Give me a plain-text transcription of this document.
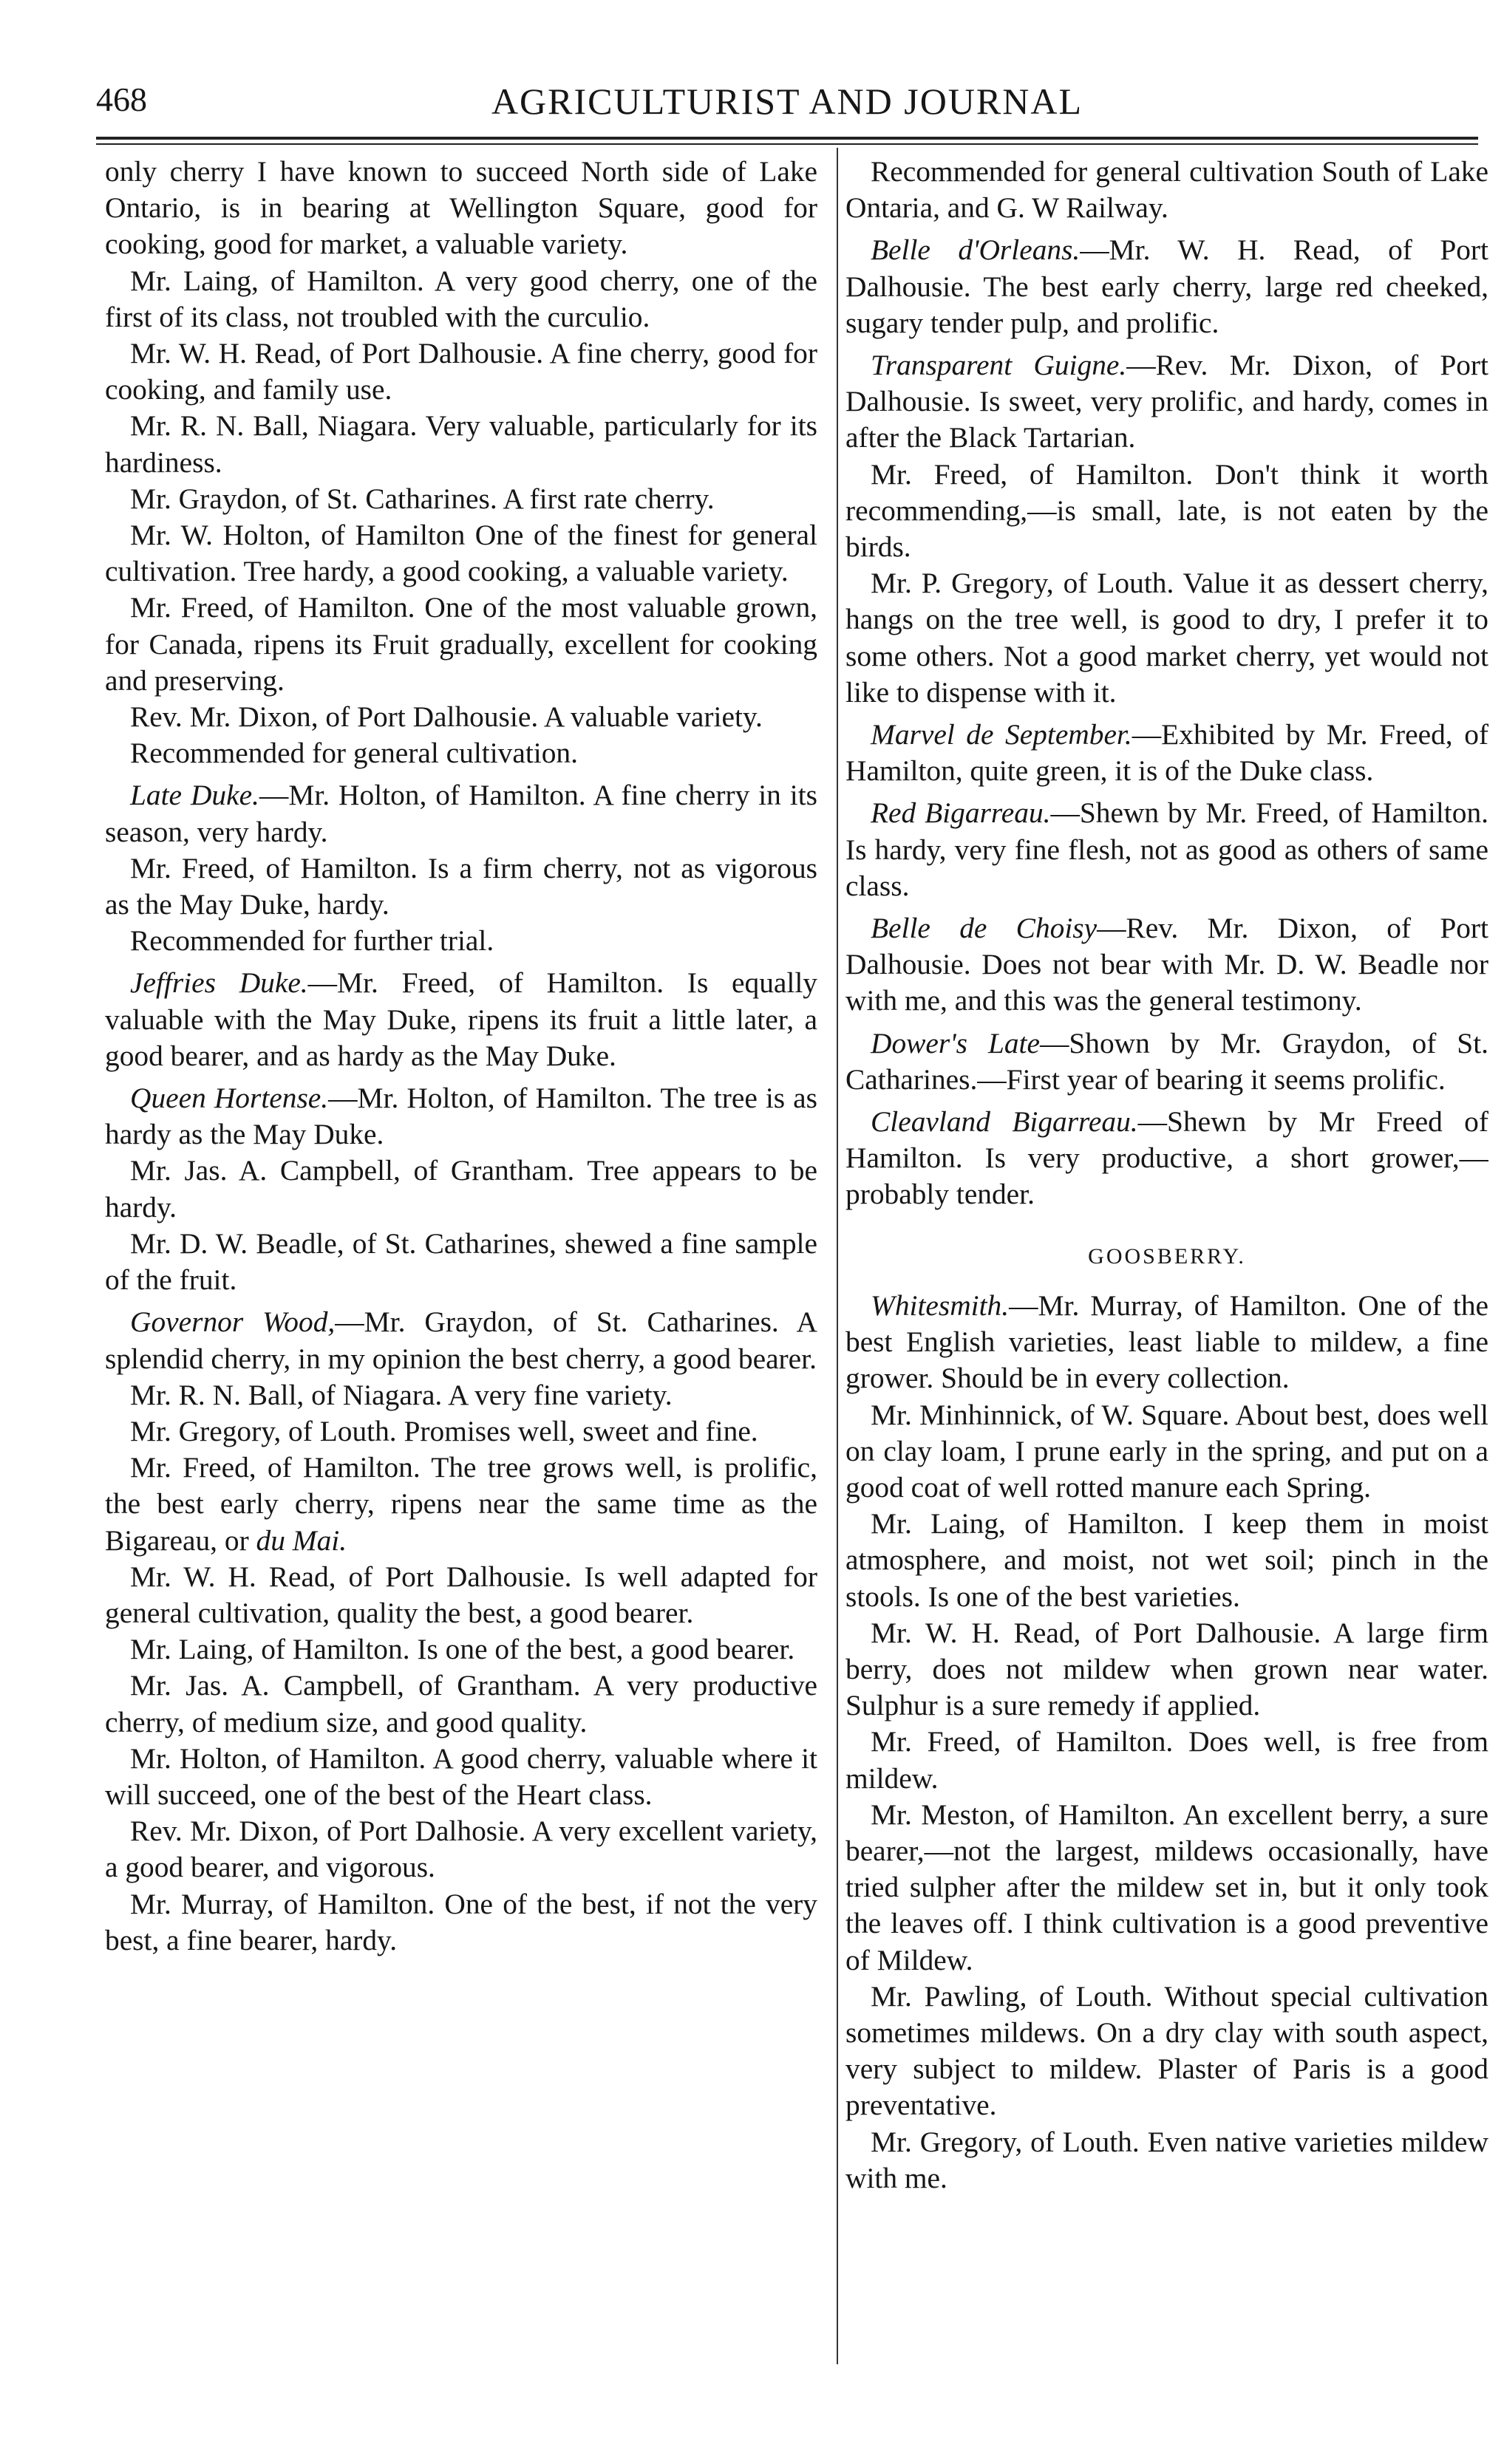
468	AGRICULTURIST AND JOURNAL

only cherry I have known to succeed North side of Lake Ontario, is in bearing at Wellington Square, good for cooking, good for market, a valuable variety.

Mr. Laing, of Hamilton. A very good cherry, one of the first of its class, not troubled with the curculio.

Mr. W. H. Read, of Port Dalhousie. A fine cherry, good for cooking, and family use.

Mr. R. N. Ball, Niagara. Very valuable, particularly for its hardiness.

Mr. Graydon, of St. Catharines. A first rate cherry.

Mr. W. Holton, of Hamilton One of the finest for general cultivation. Tree hardy, a good cooking, a valuable variety.

Mr. Freed, of Hamilton. One of the most valuable grown, for Canada, ripens its Fruit gradually, excellent for cooking and preserving.

Rev. Mr. Dixon, of Port Dalhousie. A valuable variety.

Recommended for general cultivation.

Late Duke.—Mr. Holton, of Hamilton. A fine cherry in its season, very hardy.

Mr. Freed, of Hamilton. Is a firm cherry, not as vigorous as the May Duke, hardy.

Recommended for further trial.

Jeffries Duke.—Mr. Freed, of Hamilton. Is equally valuable with the May Duke, ripens its fruit a little later, a good bearer, and as hardy as the May Duke.

Queen Hortense.—Mr. Holton, of Hamilton. The tree is as hardy as the May Duke.

Mr. Jas. A. Campbell, of Grantham. Tree appears to be hardy.

Mr. D. W. Beadle, of St. Catharines, shewed a fine sample of the fruit.

Governor Wood,—Mr. Graydon, of St. Catharines. A splendid cherry, in my opinion the best cherry, a good bearer.

Mr. R. N. Ball, of Niagara. A very fine variety.

Mr. Gregory, of Louth. Promises well, sweet and fine.

Mr. Freed, of Hamilton. The tree grows well, is prolific, the best early cherry, ripens near the same time as the Bigareau, or du Mai.

Mr. W. H. Read, of Port Dalhousie. Is well adapted for general cultivation, quality the best, a good bearer.

Mr. Laing, of Hamilton. Is one of the best, a good bearer.

Mr. Jas. A. Campbell, of Grantham. A very productive cherry, of medium size, and good quality.

Mr. Holton, of Hamilton. A good cherry, valuable where it will succeed, one of the best of the Heart class.

Rev. Mr. Dixon, of Port Dalhosie. A very excellent variety, a good bearer, and vigorous.

Mr. Murray, of Hamilton. One of the best, if not the very best, a fine bearer, hardy.

Recommended for general cultivation South of Lake Ontaria, and G. W Railway.

Belle d'Orleans.—Mr. W. H. Read, of Port Dalhousie. The best early cherry, large red cheeked, sugary tender pulp, and prolific.

Transparent Guigne.—Rev. Mr. Dixon, of Port Dalhousie. Is sweet, very prolific, and hardy, comes in after the Black Tartarian.

Mr. Freed, of Hamilton. Don't think it worth recommending,—is small, late, is not eaten by the birds.

Mr. P. Gregory, of Louth. Value it as dessert cherry, hangs on the tree well, is good to dry, I prefer it to some others. Not a good market cherry, yet would not like to dispense with it.

Marvel de September.—Exhibited by Mr. Freed, of Hamilton, quite green, it is of the Duke class.

Red Bigarreau.—Shewn by Mr. Freed, of Hamilton. Is hardy, very fine flesh, not as good as others of same class.

Belle de Choisy—Rev. Mr. Dixon, of Port Dalhousie. Does not bear with Mr. D. W. Beadle nor with me, and this was the general testimony.

Dower's Late—Shown by Mr. Graydon, of St. Catharines.—First year of bearing it seems prolific.

Cleavland Bigarreau.—Shewn by Mr Freed of Hamilton. Is very productive, a short grower,—probably tender.

GOOSBERRY.

Whitesmith.—Mr. Murray, of Hamilton. One of the best English varieties, least liable to mildew, a fine grower. Should be in every collection.

Mr. Minhinnick, of W. Square. About best, does well on clay loam, I prune early in the spring, and put on a good coat of well rotted manure each Spring.

Mr. Laing, of Hamilton. I keep them in moist atmosphere, and moist, not wet soil; pinch in the stools. Is one of the best varieties.

Mr. W. H. Read, of Port Dalhousie. A large firm berry, does not mildew when grown near water. Sulphur is a sure remedy if applied.

Mr. Freed, of Hamilton. Does well, is free from mildew.

Mr. Meston, of Hamilton. An excellent berry, a sure bearer,—not the largest, mildews occasionally, have tried sulpher after the mildew set in, but it only took the leaves off. I think cultivation is a good preventive of Mildew.

Mr. Pawling, of Louth. Without special cultivation sometimes mildews. On a dry clay with south aspect, very subject to mildew. Plaster of Paris is a good preventative.

Mr. Gregory, of Louth. Even native varieties mildew with me.
